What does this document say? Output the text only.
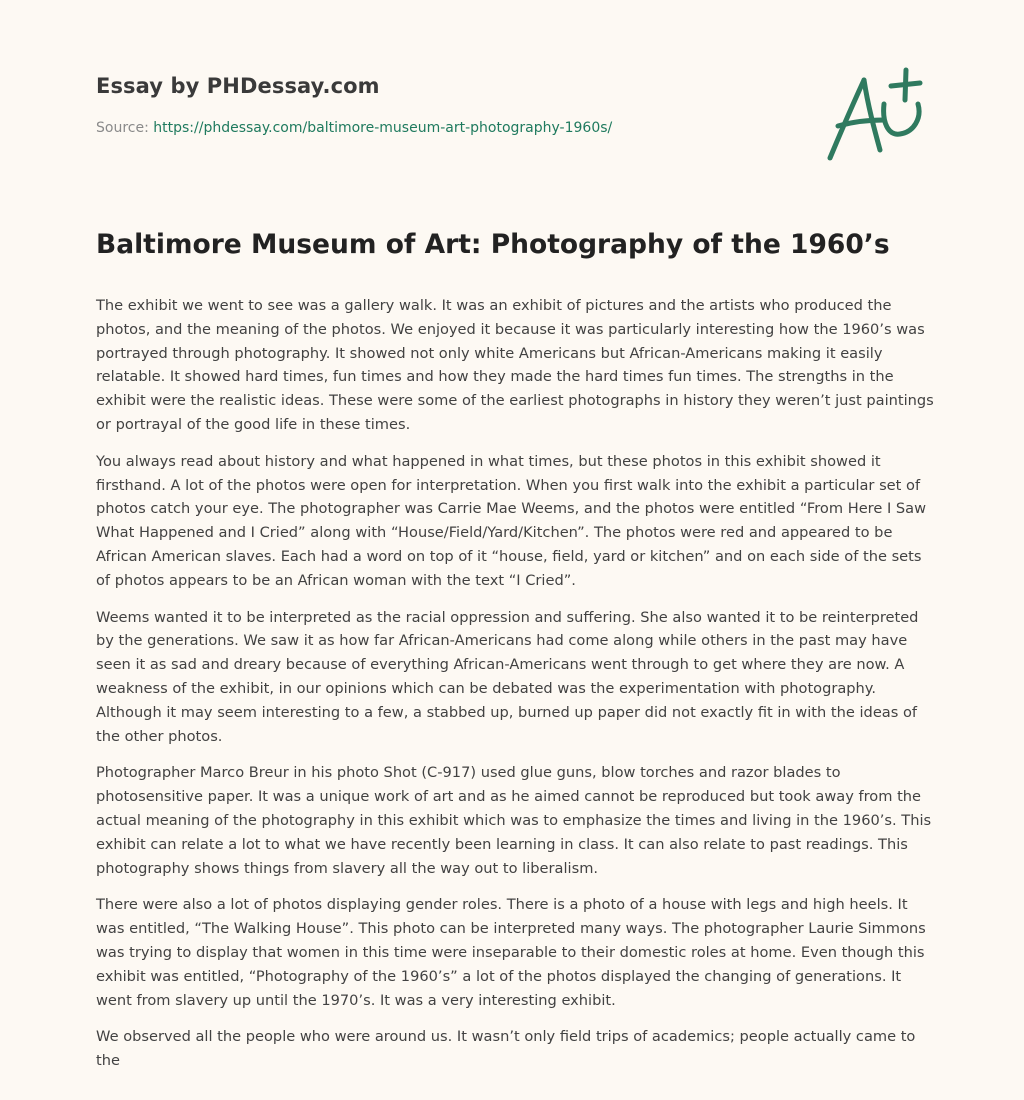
Essay by PHDessay.com
Source: https://phdessay.com/baltimore-museum-art-photography-1960s/
Baltimore Museum of Art: Photography of the 1960’s

The exhibit we went to see was a gallery walk. It was an exhibit of pictures and the artists who produced the photos, and the meaning of the photos. We enjoyed it because it was particularly interesting how the 1960’s was portrayed through photography. It showed not only white Americans but African-Americans making it easily relatable. It showed hard times, fun times and how they made the hard times fun times. The strengths in the exhibit were the realistic ideas. These were some of the earliest photographs in history they weren’t just paintings or portrayal of the good life in these times.

You always read about history and what happened in what times, but these photos in this exhibit showed it firsthand. A lot of the photos were open for interpretation. When you first walk into the exhibit a particular set of photos catch your eye. The photographer was Carrie Mae Weems, and the photos were entitled “From Here I Saw What Happened and I Cried” along with “House/Field/Yard/Kitchen”. The photos were red and appeared to be African American slaves. Each had a word on top of it “house, field, yard or kitchen” and on each side of the sets of photos appears to be an African woman with the text “I Cried”.

Weems wanted it to be interpreted as the racial oppression and suffering. She also wanted it to be reinterpreted by the generations. We saw it as how far African-Americans had come along while others in the past may have seen it as sad and dreary because of everything African-Americans went through to get where they are now. A weakness of the exhibit, in our opinions which can be debated was the experimentation with photography. Although it may seem interesting to a few, a stabbed up, burned up paper did not exactly fit in with the ideas of the other photos.

Photographer Marco Breur in his photo Shot (C-917) used glue guns, blow torches and razor blades to photosensitive paper. It was a unique work of art and as he aimed cannot be reproduced but took away from the actual meaning of the photography in this exhibit which was to emphasize the times and living in the 1960’s. This exhibit can relate a lot to what we have recently been learning in class. It can also relate to past readings. This photography shows things from slavery all the way out to liberalism.

There were also a lot of photos displaying gender roles. There is a photo of a house with legs and high heels. It was entitled, “The Walking House”. This photo can be interpreted many ways. The photographer Laurie Simmons was trying to display that women in this time were inseparable to their domestic roles at home. Even though this exhibit was entitled, “Photography of the 1960’s” a lot of the photos displayed the changing of generations. It went from slavery up until the 1970’s. It was a very interesting exhibit.

We observed all the people who were around us. It wasn’t only field trips of academics; people actually came to the
